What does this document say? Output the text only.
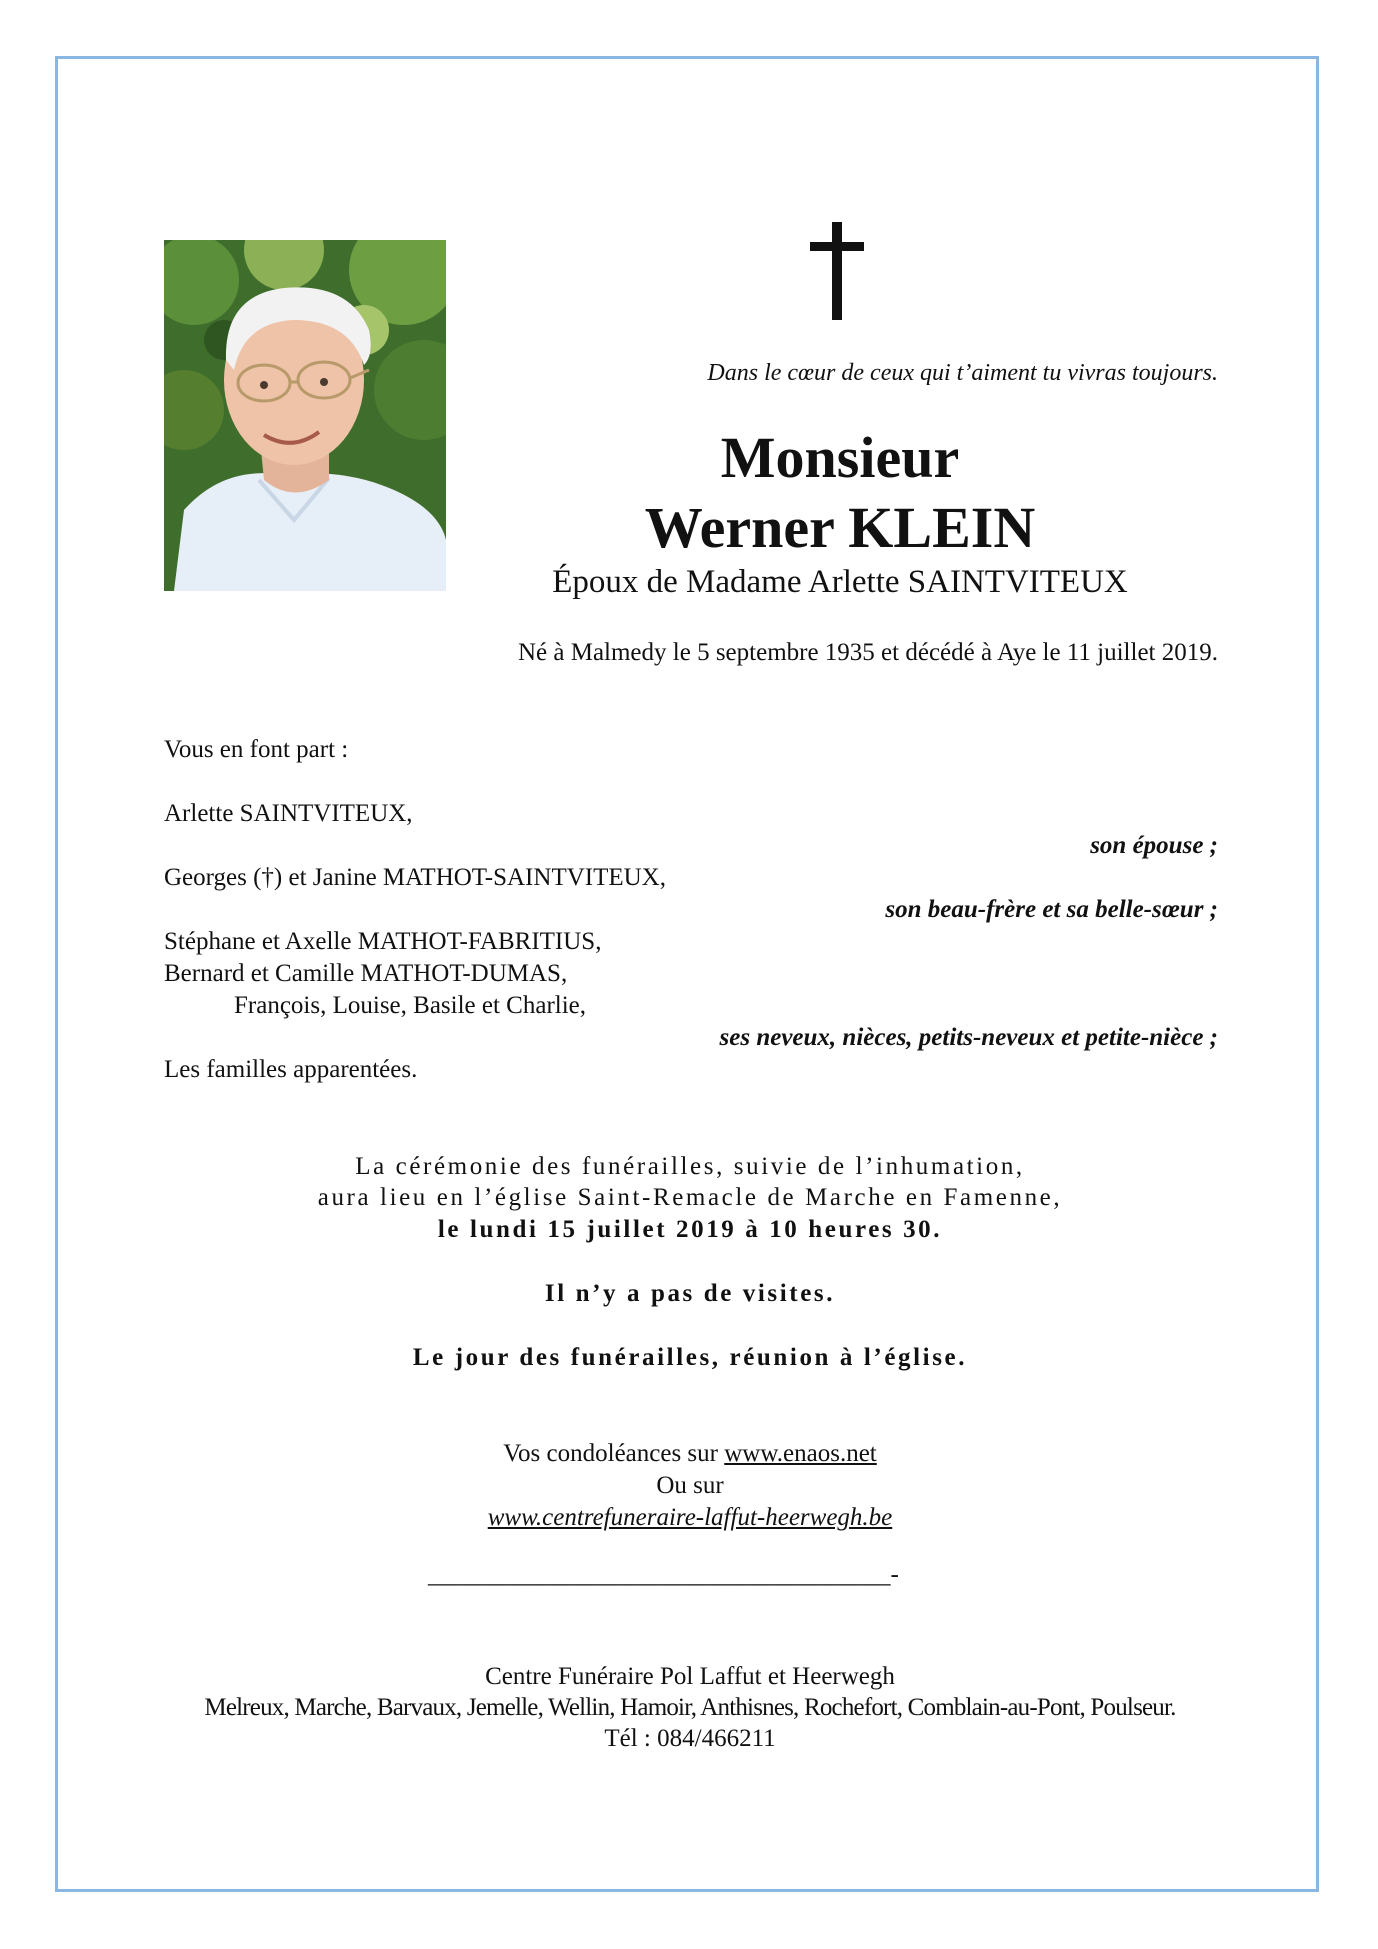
Dans le cœur de ceux qui t’aiment tu vivras toujours.
Monsieur
Werner KLEIN
Époux de Madame Arlette SAINTVITEUX
Né à Malmedy le 5 septembre 1935 et décédé à Aye le 11 juillet 2019.
Vous en font part :
Arlette SAINTVITEUX,
son épouse ;
Georges (†) et Janine MATHOT-SAINTVITEUX,
son beau-frère et sa belle-sœur ;
Stéphane et Axelle MATHOT-FABRITIUS,
Bernard et Camille MATHOT-DUMAS,
François, Louise, Basile et Charlie,
ses neveux, nièces, petits-neveux et petite-nièce ;
Les familles apparentées.
La cérémonie des funérailles, suivie de l’inhumation,
aura lieu en l’église Saint-Remacle de Marche en Famenne,
le lundi 15 juillet 2019 à 10 heures 30.
Il n’y a pas de visites.
Le jour des funérailles, réunion à l’église.
Vos condoléances sur www.enaos.net
Ou sur
www.centrefuneraire-laffut-heerwegh.be
_____________________________________-
Centre Funéraire Pol Laffut et Heerwegh
Melreux, Marche, Barvaux, Jemelle, Wellin, Hamoir, Anthisnes, Rochefort, Comblain-au-Pont, Poulseur.
Tél : 084/466211
